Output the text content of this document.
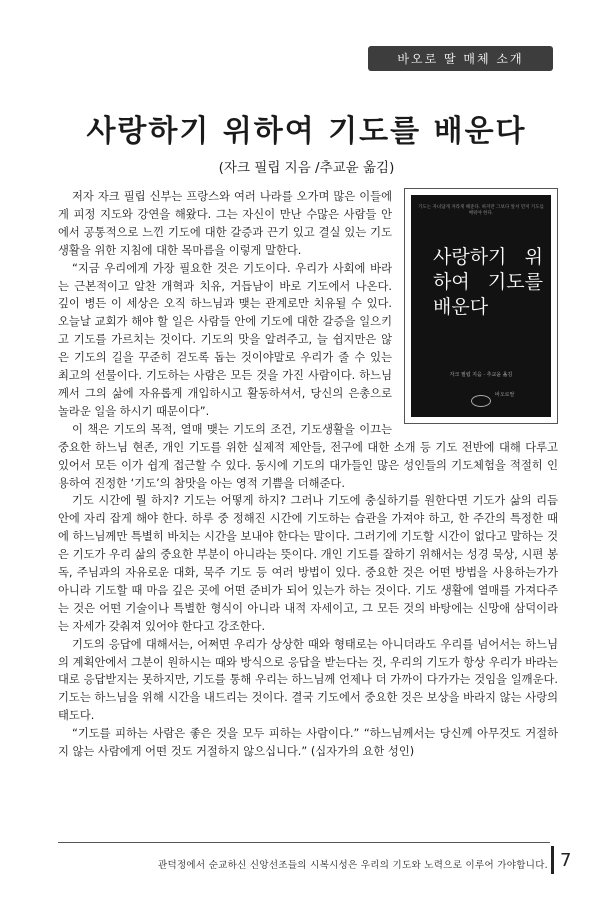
바오로 딸 매체 소개
사랑하기 위하여 기도를 배운다

(자크 필립 지음 /추교윤 옮김)

기도는 자녀답게 자라게 해준다. 하지만 그보다 앞서 먼저 기도를 배워야 한다.
사랑하기 위하여 기도를 배운다
자크 필립 지음 · 추교윤 옮김
바오로딸

저자 자크 필립 신부는 프랑스와 여러 나라를 오가며 많은 이들에게 피정 지도와 강연을 해왔다. 그는 자신이 만난 수많은 사람들 안에서 공통적으로 느낀 기도에 대한 갈증과 끈기 있고 결실 있는 기도생활을 위한 지침에 대한 목마름을 이렇게 말한다.

“지금 우리에게 가장 필요한 것은 기도이다. 우리가 사회에 바라는 근본적이고 알찬 개혁과 치유, 거듭남이 바로 기도에서 나온다. 깊이 병든 이 세상은 오직 하느님과 맺는 관계로만 치유될 수 있다. 오늘날 교회가 해야 할 일은 사람들 안에 기도에 대한 갈증을 일으키고 기도를 가르치는 것이다. 기도의 맛을 알려주고, 늘 쉽지만은 않은 기도의 길을 꾸준히 걷도록 돕는 것이야말로 우리가 줄 수 있는 최고의 선물이다. 기도하는 사람은 모든 것을 가진 사람이다. 하느님께서 그의 삶에 자유롭게 개입하시고 활동하셔서, 당신의 은총으로 놀라운 일을 하시기 때문이다”.

이 책은 기도의 목적, 열매 맺는 기도의 조건, 기도생활을 이끄는 중요한 하느님 현존, 개인 기도를 위한 실제적 제안들, 전구에 대한 소개 등 기도 전반에 대해 다루고 있어서 모든 이가 쉽게 접근할 수 있다. 동시에 기도의 대가들인 많은 성인들의 기도체험을 적절히 인용하여 진정한 ‘기도’의 참맛을 아는 영적 기쁨을 더해준다.

기도 시간에 뭘 하지? 기도는 어떻게 하지? 그러나 기도에 충실하기를 원한다면 기도가 삶의 리듬 안에 자리 잡게 해야 한다. 하루 중 정해진 시간에 기도하는 습관을 가져야 하고, 한 주간의 특정한 때에 하느님께만 특별히 바치는 시간을 보내야 한다는 말이다. 그러기에 기도할 시간이 없다고 말하는 것은 기도가 우리 삶의 중요한 부분이 아니라는 뜻이다. 개인 기도를 잘하기 위해서는 성경 묵상, 시편 봉독, 주님과의 자유로운 대화, 묵주 기도 등 여러 방법이 있다. 중요한 것은 어떤 방법을 사용하는가가 아니라 기도할 때 마음 깊은 곳에 어떤 준비가 되어 있는가 하는 것이다. 기도 생활에 열매를 가져다주는 것은 어떤 기술이나 특별한 형식이 아니라 내적 자세이고, 그 모든 것의 바탕에는 신망애 삼덕이라는 자세가 갖춰져 있어야 한다고 강조한다.

기도의 응답에 대해서는, 어쩌면 우리가 상상한 때와 형태로는 아니더라도 우리를 넘어서는 하느님의 계획안에서 그분이 원하시는 때와 방식으로 응답을 받는다는 것, 우리의 기도가 항상 우리가 바라는 대로 응답받지는 못하지만, 기도를 통해 우리는 하느님께 언제나 더 가까이 다가가는 것임을 일깨운다. 기도는 하느님을 위해 시간을 내드리는 것이다. 결국 기도에서 중요한 것은 보상을 바라지 않는 사랑의 태도다.

“기도를 피하는 사람은 좋은 것을 모두 피하는 사람이다.” “하느님께서는 당신께 아무것도 거절하지 않는 사람에게 어떤 것도 거절하지 않으십니다.” (십자가의 요한 성인)

관덕정에서 순교하신 신앙선조들의 시복시성은 우리의 기도와 노력으로 이루어 가야합니다. 7
